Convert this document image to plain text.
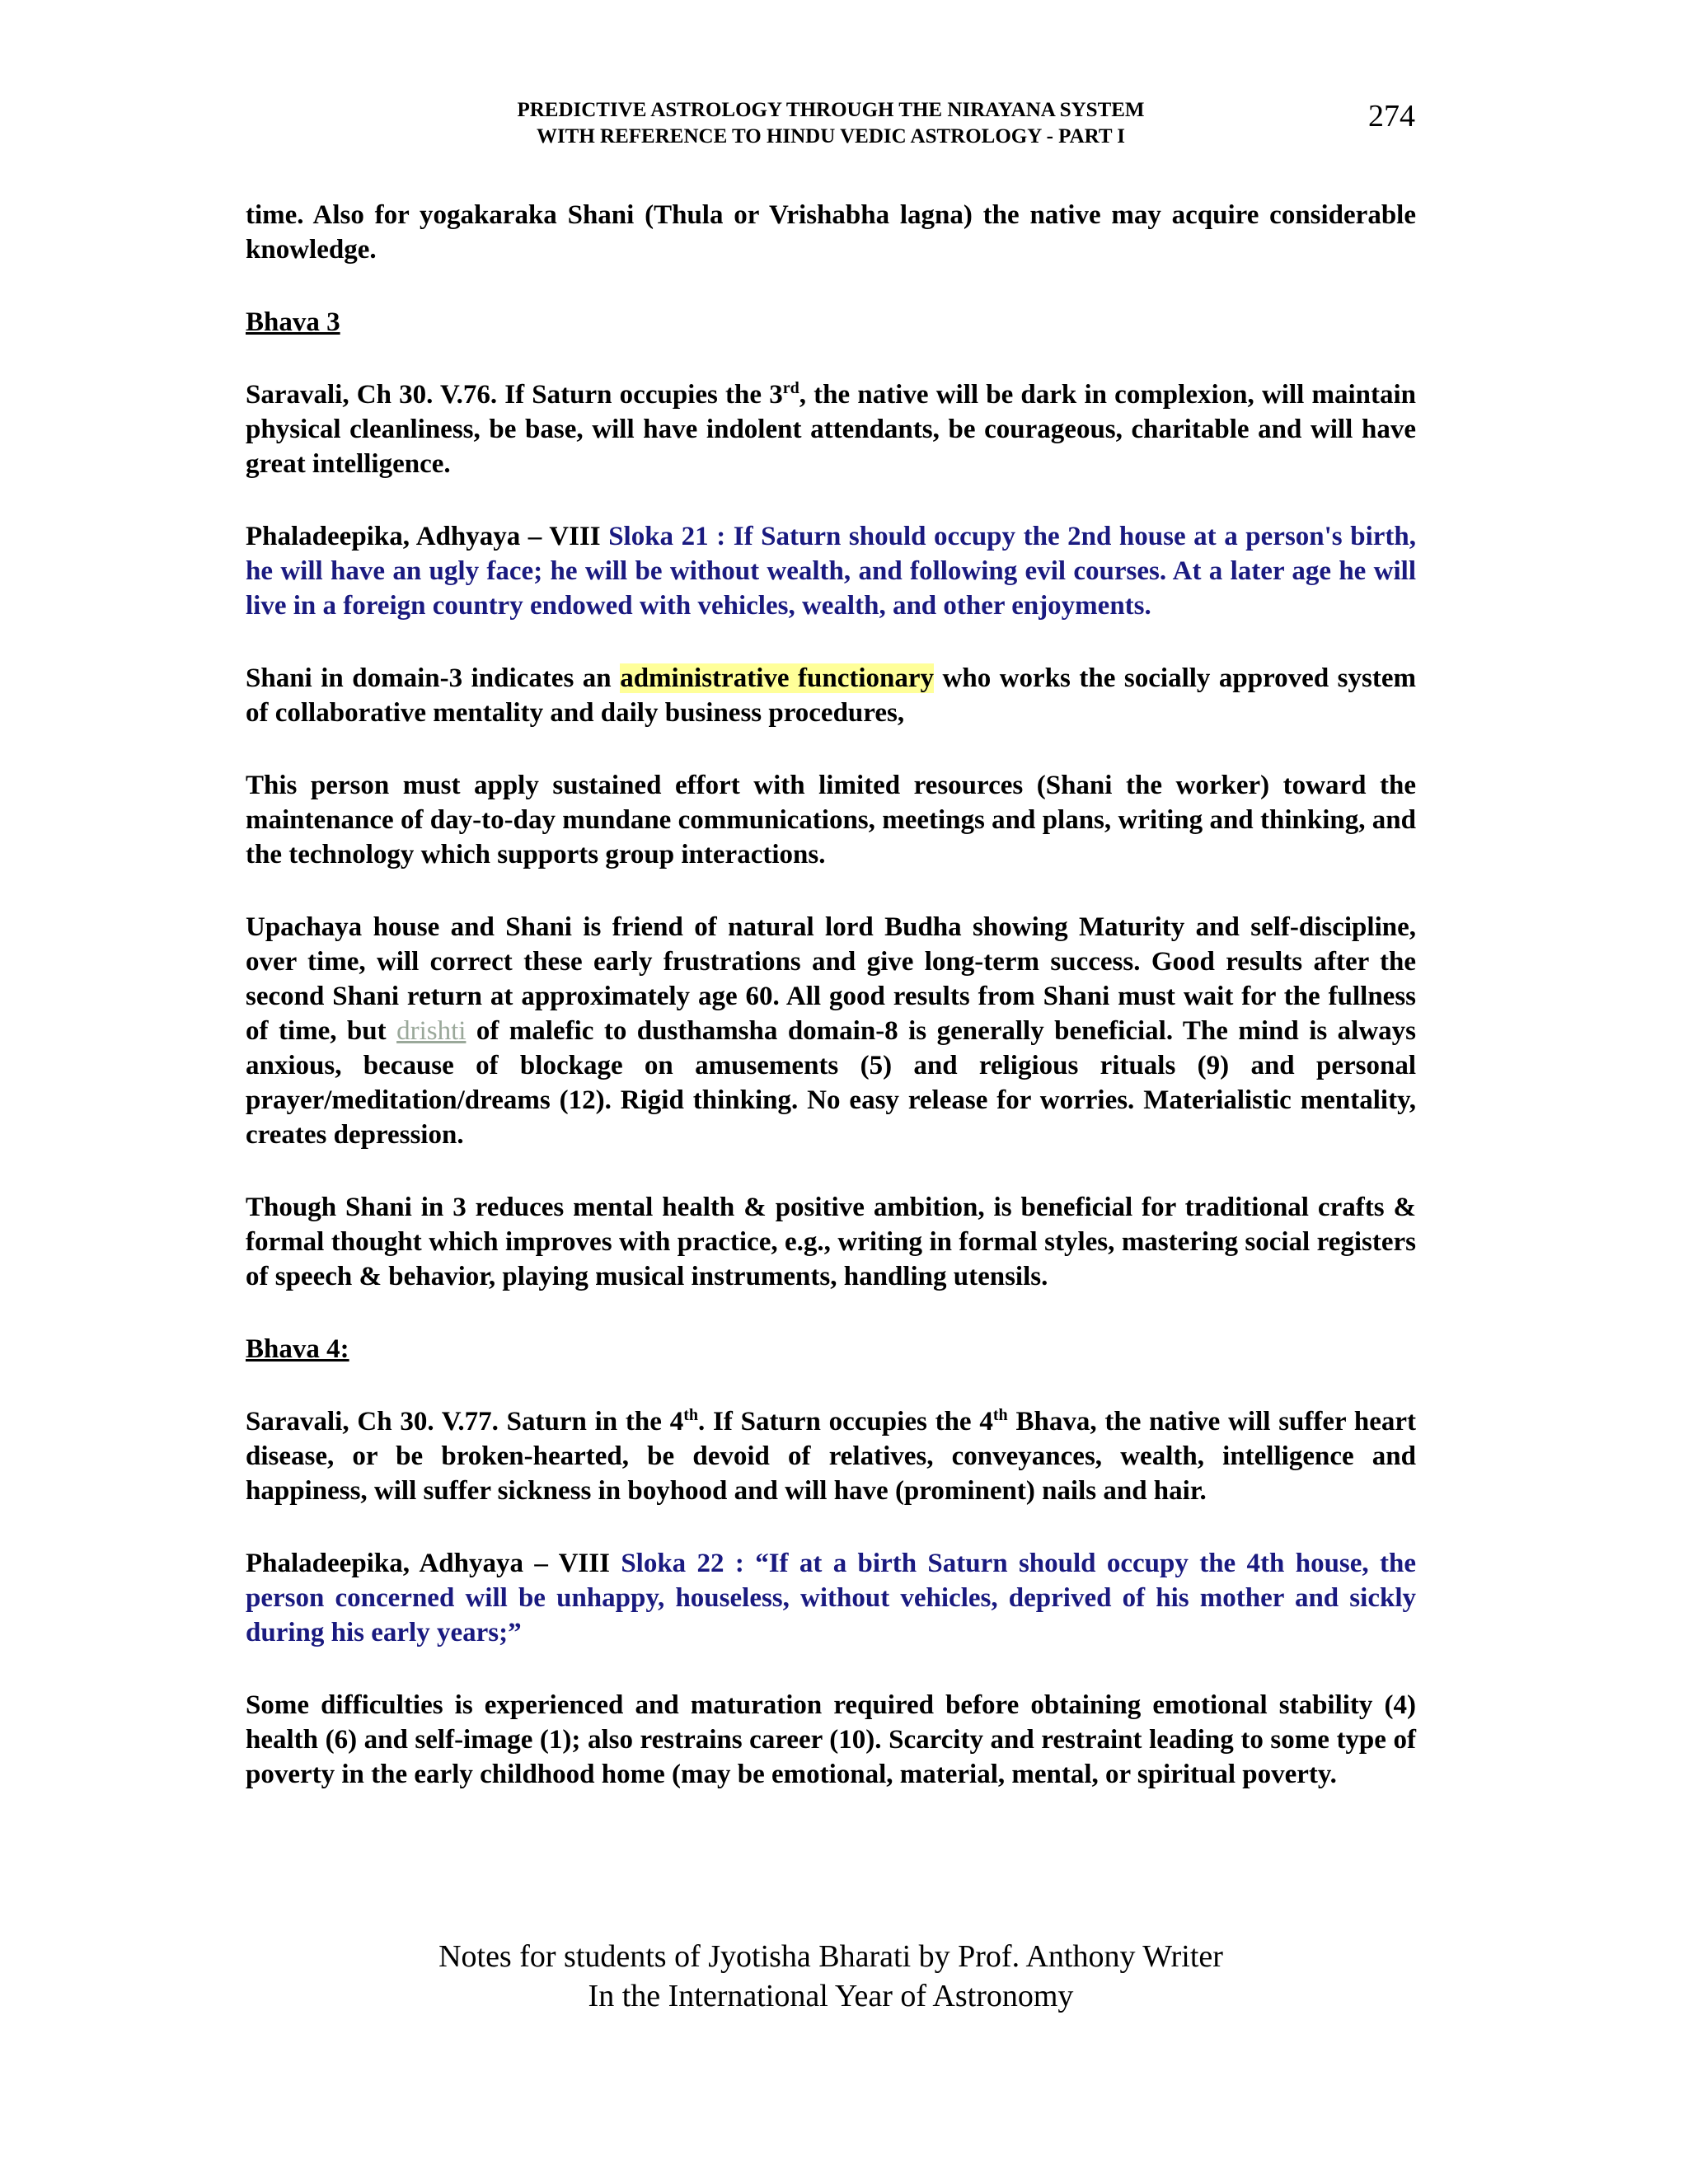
PREDICTIVE ASTROLOGY THROUGH THE NIRAYANA SYSTEM

WITH REFERENCE TO HINDU VEDIC ASTROLOGY - PART I

274

time. Also for yogakaraka Shani (Thula or Vrishabha lagna) the native may acquire considerable knowledge.

Bhava 3

Saravali, Ch 30. V.76. If Saturn occupies the 3rd, the native will be dark in complexion, will maintain physical cleanliness, be base, will have indolent attendants, be courageous, charitable and will have great intelligence.

Phaladeepika, Adhyaya – VIII Sloka 21 : If Saturn should occupy the 2nd house at a person's birth, he will have an ugly face; he will be without wealth, and following evil courses. At a later age he will live in a foreign country endowed with vehicles, wealth, and other enjoyments.

Shani in domain-3 indicates an administrative functionary who works the socially approved system of collaborative mentality and daily business procedures,

This person must apply sustained effort with limited resources (Shani the worker) toward the maintenance of day-to-day mundane communications, meetings and plans, writing and thinking, and the technology which supports group interactions.

Upachaya house and Shani is friend of natural lord Budha showing Maturity and self-discipline, over time, will correct these early frustrations and give long-term success. Good results after the second Shani return at approximately age 60. All good results from Shani must wait for the fullness of time, but drishti of malefic to dusthamsha domain-8 is generally beneficial. The mind is always anxious, because of blockage on amusements (5) and religious rituals (9) and personal prayer/meditation/dreams (12). Rigid thinking. No easy release for worries. Materialistic mentality, creates depression.

Though Shani in 3 reduces mental health & positive ambition, is beneficial for traditional crafts & formal thought which improves with practice, e.g., writing in formal styles, mastering social registers of speech & behavior, playing musical instruments, handling utensils.

Bhava 4:

Saravali, Ch 30. V.77. Saturn in the 4th. If Saturn occupies the 4th Bhava, the native will suffer heart disease, or be broken-hearted, be devoid of relatives, conveyances, wealth, intelligence and happiness, will suffer sickness in boyhood and will have (prominent) nails and hair.

Phaladeepika, Adhyaya – VIII Sloka 22 : “If at a birth Saturn should occupy the 4th house, the person concerned will be unhappy, houseless, without vehicles, deprived of his mother and sickly during his early years;”

Some difficulties is experienced and maturation required before obtaining emotional stability (4) health (6) and self-image (1); also restrains career (10). Scarcity and restraint leading to some type of poverty in the early childhood home (may be emotional, material, mental, or spiritual poverty.

Notes for students of Jyotisha Bharati by Prof. Anthony Writer

In the International Year of Astronomy
